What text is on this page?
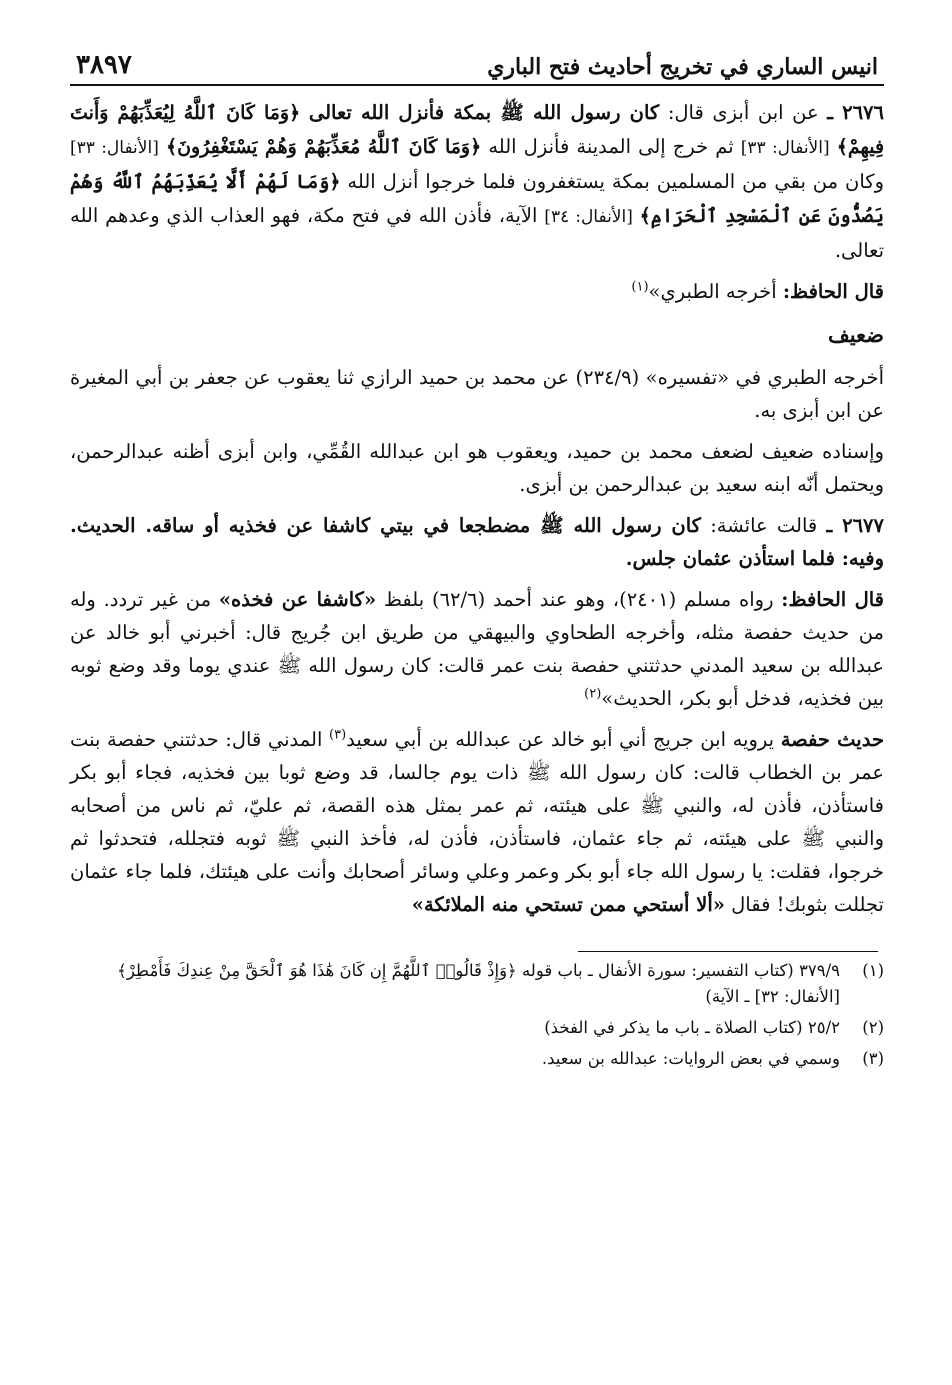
انيس الساري في تخريج أحاديث فتح الباري
٣٨٩٧

٢٦٧٦ ـ عن ابن أبزى قال: كان رسول الله ﷺ بمكة فأنزل الله تعالى ﴿وَمَا كَانَ ٱللَّهُ لِيُعَذِّبَهُمْ وَأَنتَ فِيهِمْ﴾ [الأنفال: ٣٣] ثم خرج إلى المدينة فأنزل الله ﴿وَمَا كَانَ ٱللَّهُ مُعَذِّبَهُمْ وَهُمْ يَسْتَغْفِرُونَ﴾ [الأنفال: ٣٣] وكان من بقي من المسلمين بمكة يستغفرون فلما خرجوا أنزل الله ﴿وَمَا لَهُمْ أَلَّا يُعَذِّبَهُمُ ٱللَّهُ وَهُمْ يَصُدُّونَ عَنِ ٱلْمَسْجِدِ ٱلْحَرَامِ﴾ [الأنفال: ٣٤] الآية، فأذن الله في فتح مكة، فهو العذاب الذي وعدهم الله تعالى.

قال الحافظ: أخرجه الطبري»$^{(١)}$

ضعيف

أخرجه الطبري في «تفسيره» (٢٣٤/٩) عن محمد بن حميد الرازي ثنا يعقوب عن جعفر بن أبي المغيرة عن ابن أبزى به.

وإسناده ضعيف لضعف محمد بن حميد، ويعقوب هو ابن عبدالله القُمِّي، وابن أبزى أظنه عبدالرحمن، ويحتمل أنّه ابنه سعيد بن عبدالرحمن بن أبزى.

٢٦٧٧ ـ قالت عائشة: كان رسول الله ﷺ مضطجعا في بيتي كاشفا عن فخذيه أو ساقه. الحديث. وفيه: فلما استأذن عثمان جلس.

قال الحافظ: رواه مسلم (٢٤٠١)، وهو عند أحمد (٦٢/٦) بلفظ «كاشفا عن فخذه» من غير تردد. وله من حديث حفصة مثله، وأخرجه الطحاوي والبيهقي من طريق ابن جُريج قال: أخبرني أبو خالد عن عبدالله بن سعيد المدني حدثتني حفصة بنت عمر قالت: كان رسول الله ﷺ عندي يوما وقد وضع ثوبه بين فخذيه، فدخل أبو بكر، الحديث»$^{(٢)}$

حديث حفصة يرويه ابن جريج أني أبو خالد عن عبدالله بن أبي سعيد$^{(٣)}$ المدني قال: حدثتني حفصة بنت عمر بن الخطاب قالت: كان رسول الله ﷺ ذات يوم جالسا، قد وضع ثوبا بين فخذيه، فجاء أبو بكر فاستأذن، فأذن له، والنبي ﷺ على هيئته، ثم عمر بمثل هذه القصة، ثم عليّ، ثم ناس من أصحابه والنبي ﷺ على هيئته، ثم جاء عثمان، فاستأذن، فأذن له، فأخذ النبي ﷺ ثوبه فتجلله، فتحدثوا ثم خرجوا، فقلت: يا رسول الله جاء أبو بكر وعمر وعلي وسائر أصحابك وأنت على هيئتك، فلما جاء عثمان تجللت بثوبك! فقال «ألا أستحي ممن تستحي منه الملائكة»

(١)
٣٧٩/٩ (كتاب التفسير: سورة الأنفال ـ باب قوله ﴿وَإِذْ قَالُوا۟ ٱللَّهُمَّ إِن كَانَ هَٰذَا هُوَ ٱلْحَقَّ مِنْ عِندِكَ فَأَمْطِرْ﴾ [الأنفال: ٣٢] ـ الآية)
(٢)
٢٥/٢ (كتاب الصلاة ـ باب ما يذكر في الفخذ)
(٣)
وسمي في بعض الروايات: عبدالله بن سعيد.
